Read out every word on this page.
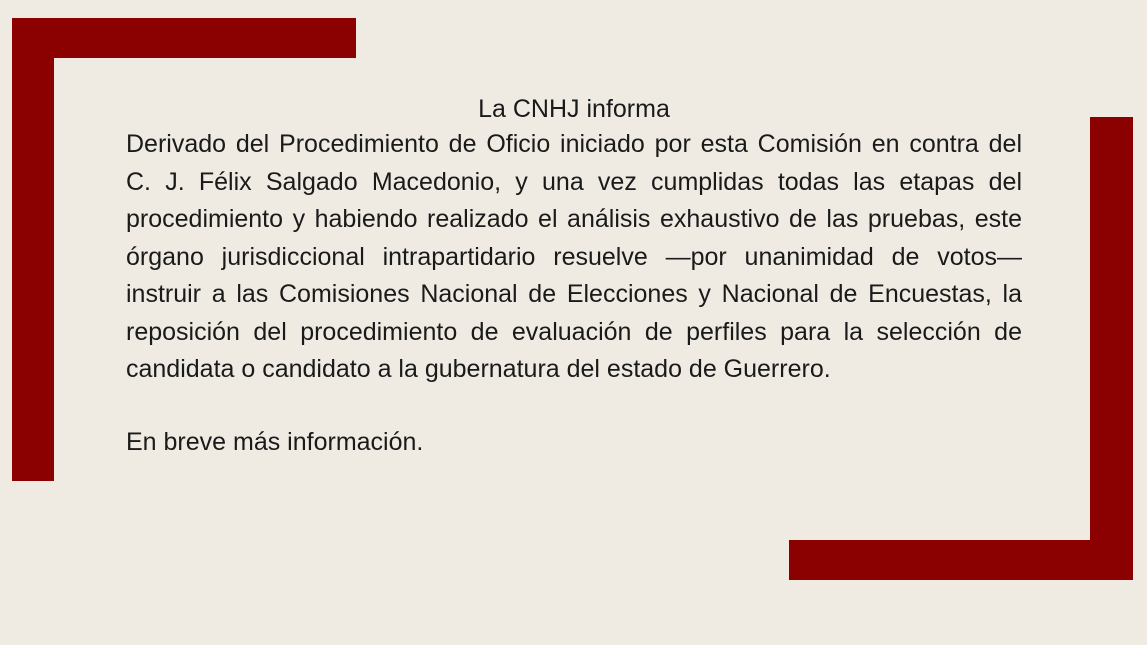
La CNHJ informa

Derivado del Procedimiento de Oficio iniciado por esta Comisión en contra del C. J. Félix Salgado Macedonio, y una vez cumplidas todas las etapas del procedimiento y habiendo realizado el análisis exhaustivo de las pruebas, este órgano jurisdiccional intrapartidario resuelve —por unanimidad de votos— instruir a las Comisiones Nacional de Elecciones y Nacional de Encuestas, la reposición del procedimiento de evaluación de perfiles para la selección de candidata o candidato a la gubernatura del estado de Guerrero.

En breve más información.
